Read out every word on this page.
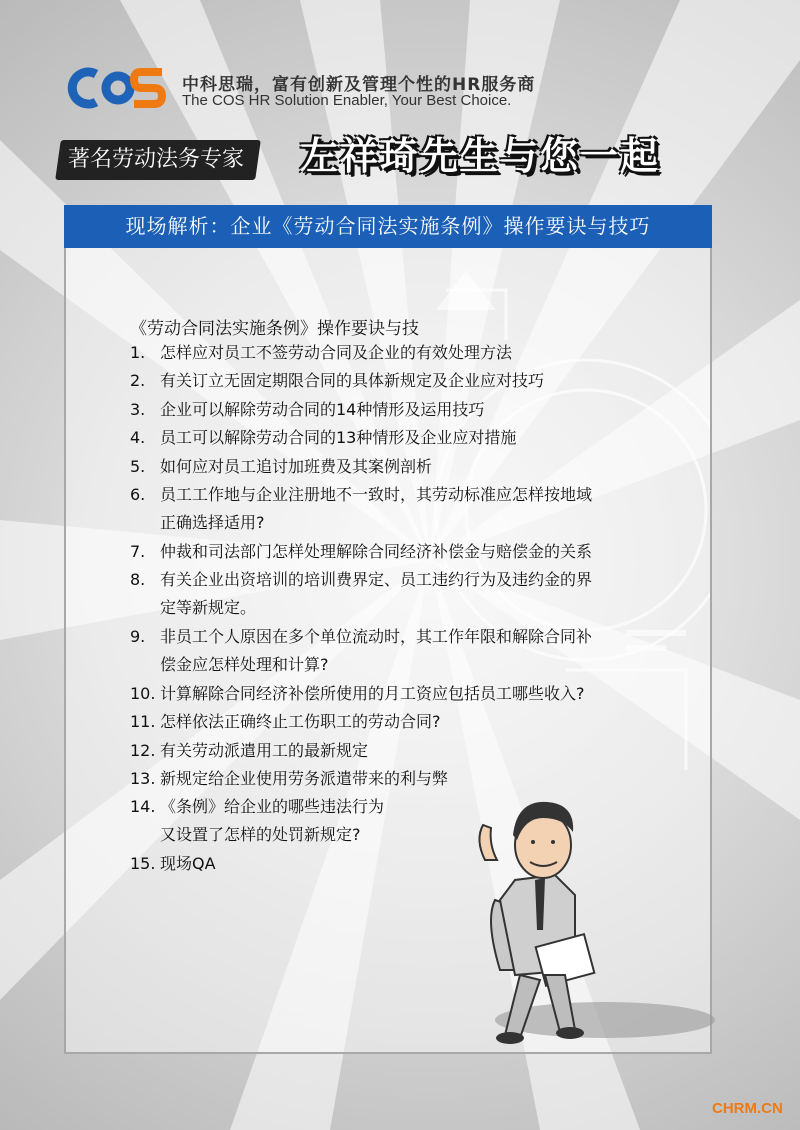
中科思瑞，富有创新及管理个性的HR服务商
The COS HR Solution Enabler, Your Best Choice.
著名劳动法务专家	左祥琦先生与您一起
现场解析：企业《劳动合同法实施条例》操作要诀与技巧
《劳动合同法实施条例》操作要诀与技
1. 怎样应对员工不签劳动合同及企业的有效处理方法
2. 有关订立无固定期限合同的具体新规定及企业应对技巧
3. 企业可以解除劳动合同的14种情形及运用技巧
4. 员工可以解除劳动合同的13种情形及企业应对措施
5. 如何应对员工追讨加班费及其案例剖析
6. 员工工作地与企业注册地不一致时，其劳动标准应怎样按地域
正确选择适用?
7. 仲裁和司法部门怎样处理解除合同经济补偿金与赔偿金的关系
8. 有关企业出资培训的培训费界定、员工违约行为及违约金的界
定等新规定。
9. 非员工个人原因在多个单位流动时，其工作年限和解除合同补
偿金应怎样处理和计算?
10. 计算解除合同经济补偿所使用的月工资应包括员工哪些收入?
11. 怎样依法正确终止工伤职工的劳动合同?
12. 有关劳动派遣用工的最新规定
13. 新规定给企业使用劳务派遣带来的利与弊
14. 《条例》给企业的哪些违法行为
又设置了怎样的处罚新规定?
15. 现场QA
CHRM.CN
